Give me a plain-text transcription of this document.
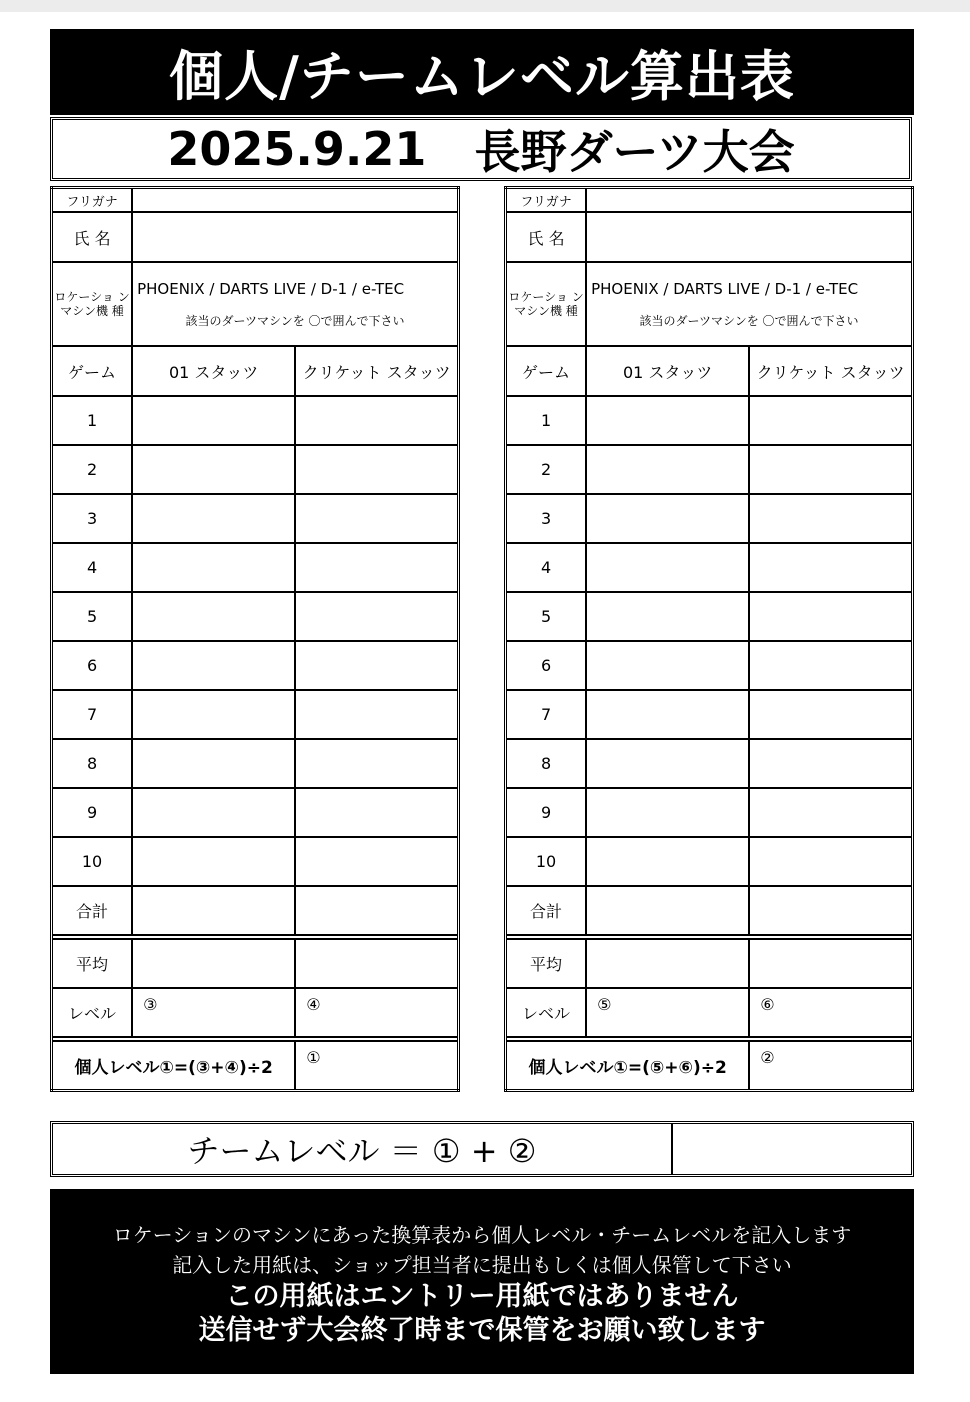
個人/チームレベル算出表
2025.9.21
長野ダーツ大会
フリガナ		
氏 名		
ロケーショ ンマシン機 種	PHOENIX / DARTS LIVE / D-1 / e-TEC
該当のダーツマシンを 〇で囲んで下さい	

ゲーム	01 スタッツ	クリケット スタッツ
1		
2		
3		
4		
5		
6		
7		
8		
9		
10		
合計		

平均		
レベル	③	④

個人レベル①=(③+④)÷2		①
フリガナ		
氏 名		
ロケーショ ンマシン機 種	PHOENIX / DARTS LIVE / D-1 / e-TEC
該当のダーツマシンを 〇で囲んで下さい	

ゲーム	01 スタッツ	クリケット スタッツ
1		
2		
3		
4		
5		
6		
7		
8		
9		
10		
合計		

平均		
レベル	⑤	⑥

個人レベル①=(⑤+⑥)÷2		②
チームレベル ＝ ① + ②
ロケーションのマシンにあった換算表から個人レベル・チームレベルを記入します
記入した用紙は、ショップ担当者に提出もしくは個人保管して下さい
この用紙はエントリー用紙ではありません
送信せず大会終了時まで保管をお願い致します
